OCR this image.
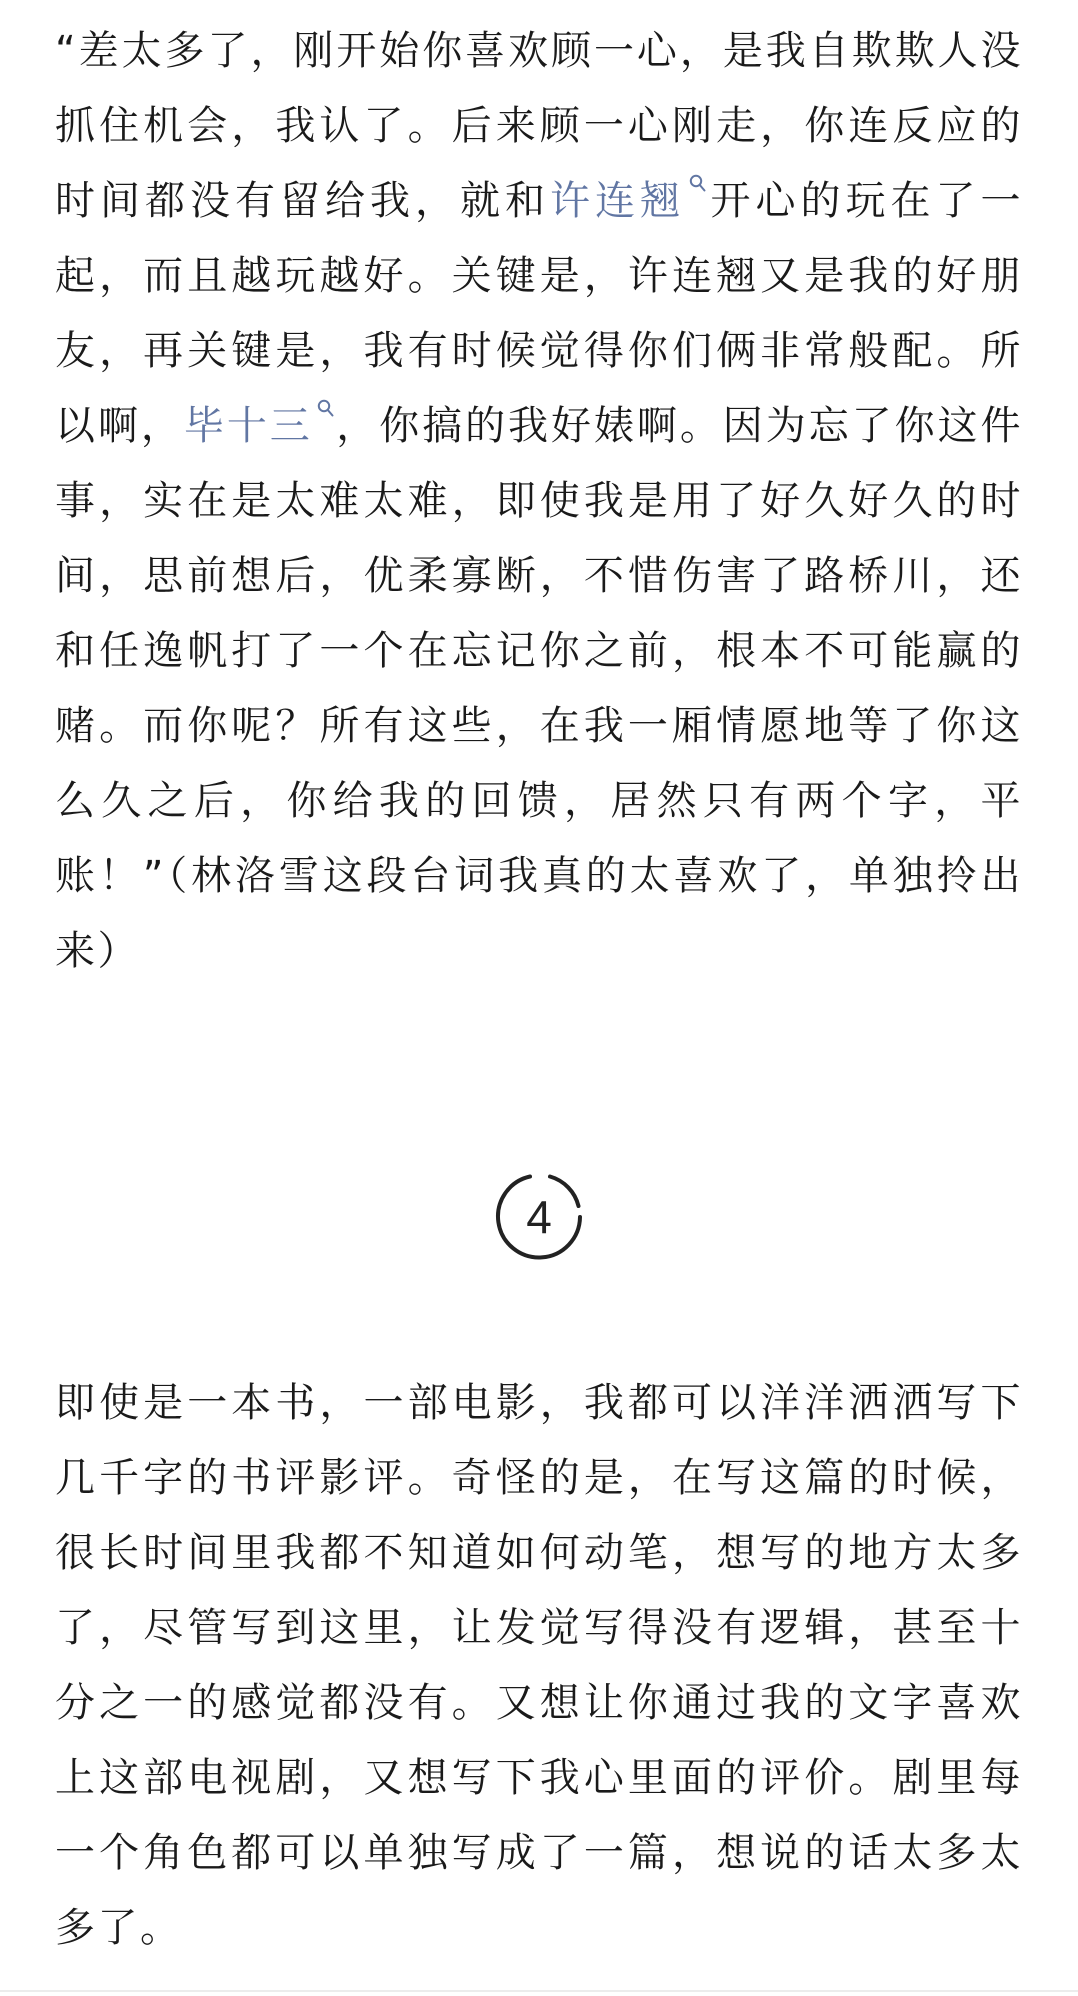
“差太多了，刚开始你喜欢顾一心，是我自欺欺人没抓住机会，我认了。后来顾一心刚走，你连反应的时间都没有留给我，就和许连翘 开心的玩在了一起，而且越玩越好。关键是，许连翘又是我的好朋友，再关键是，我有时候觉得你们俩非常般配。所以啊，毕十三 ，你搞的我好婊啊。因为忘了你这件事，实在是太难太难，即使我是用了好久好久的时间，思前想后，优柔寡断，不惜伤害了路桥川，还和任逸帆打了一个在忘记你之前，根本不可能赢的赌。而你呢？所有这些，在我一厢情愿地等了你这么久之后，你给我的回馈，居然只有两个字，平账！”（林洛雪这段台词我真的太喜欢了，单独拎出来）

4

即使是一本书，一部电影，我都可以洋洋洒洒写下几千字的书评影评。奇怪的是，在写这篇的时候，很长时间里我都不知道如何动笔，想写的地方太多了，尽管写到这里，让发觉写得没有逻辑，甚至十分之一的感觉都没有。又想让你通过我的文字喜欢上这部电视剧，又想写下我心里面的评价。剧里每一个角色都可以单独写成了一篇，想说的话太多太多了。
